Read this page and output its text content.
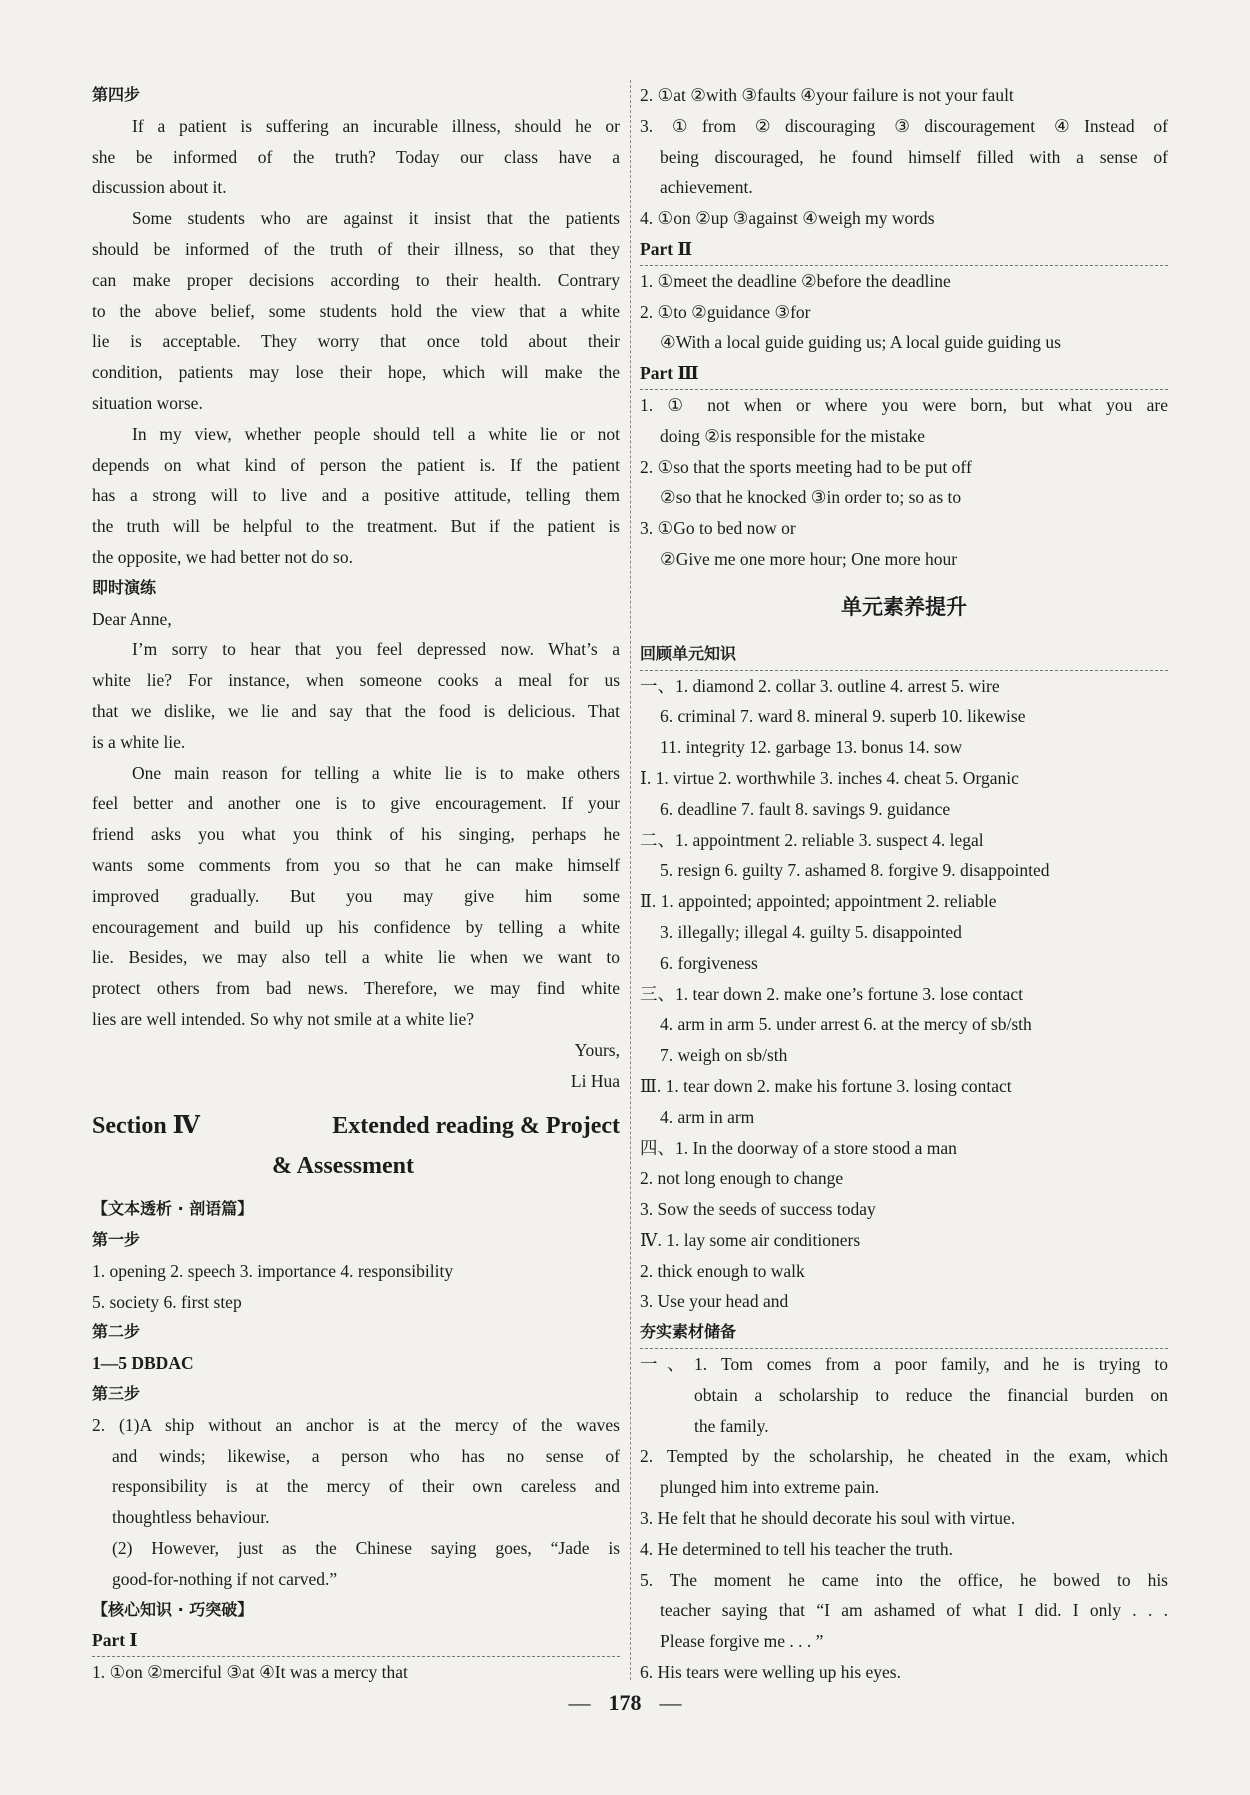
第四步

If a patient is suffering an incurable illness, should he or

she be informed of the truth? Today our class have a

discussion about it.

Some students who are against it insist that the patients

should be informed of the truth of their illness, so that they

can make proper decisions according to their health. Contrary

to the above belief, some students hold the view that a white

lie is acceptable. They worry that once told about their

condition, patients may lose their hope, which will make the

situation worse.

In my view, whether people should tell a white lie or not

depends on what kind of person the patient is. If the patient

has a strong will to live and a positive attitude, telling them

the truth will be helpful to the treatment. But if the patient is

the opposite, we had better not do so.

即时演练

Dear Anne,

I’m sorry to hear that you feel depressed now. What’s a

white lie? For instance, when someone cooks a meal for us

that we dislike, we lie and say that the food is delicious. That

is a white lie.

One main reason for telling a white lie is to make others

feel better and another one is to give encouragement. If your

friend asks you what you think of his singing, perhaps he

wants some comments from you so that he can make himself

improved gradually. But you may give him some

encouragement and build up his confidence by telling a white

lie. Besides, we may also tell a white lie when we want to

protect others from bad news. Therefore, we may find white

lies are well intended. So why not smile at a white lie?

Yours,

Li Hua

Section Ⅳ	Extended reading & Project
& Assessment

【文本透析 · 剖语篇】

第一步

1. opening 2. speech 3. importance 4. responsibility

5. society 6. first step

第二步

1—5 DBDAC

第三步

2. (1)A ship without an anchor is at the mercy of the waves

and winds; likewise, a person who has no sense of

responsibility is at the mercy of their own careless and

thoughtless behaviour.

(2) However, just as the Chinese saying goes, “Jade is

good-for-nothing if not carved.”

【核心知识 · 巧突破】

Part Ⅰ

1. ①on ②merciful ③at ④It was a mercy that

2. ①at ②with ③faults ④your failure is not your fault

3. ①from ②discouraging ③discouragement ④Instead of

being discouraged, he found himself filled with a sense of

achievement.

4. ①on ②up ③against ④weigh my words

Part Ⅱ

1. ①meet the deadline ②before the deadline

2. ①to ②guidance ③for

④With a local guide guiding us; A local guide guiding us

Part Ⅲ

1. ① not when or where you were born, but what you are

doing ②is responsible for the mistake

2. ①so that the sports meeting had to be put off

②so that he knocked ③in order to; so as to

3. ①Go to bed now or

②Give me one more hour; One more hour

单元素养提升

回顾单元知识

一、1. diamond 2. collar 3. outline 4. arrest 5. wire

6. criminal 7. ward 8. mineral 9. superb 10. likewise

11. integrity 12. garbage 13. bonus 14. sow

Ⅰ. 1. virtue 2. worthwhile 3. inches 4. cheat 5. Organic

6. deadline 7. fault 8. savings 9. guidance

二、1. appointment 2. reliable 3. suspect 4. legal

5. resign 6. guilty 7. ashamed 8. forgive 9. disappointed

Ⅱ. 1. appointed; appointed; appointment 2. reliable

3. illegally; illegal 4. guilty 5. disappointed

6. forgiveness

三、1. tear down 2. make one’s fortune 3. lose contact

4. arm in arm 5. under arrest 6. at the mercy of sb/sth

7. weigh on sb/sth

Ⅲ. 1. tear down 2. make his fortune 3. losing contact

4. arm in arm

四、1. In the doorway of a store stood a man

2. not long enough to change

3. Sow the seeds of success today

Ⅳ. 1. lay some air conditioners

2. thick enough to walk

3. Use your head and

夯实素材储备

一、1. Tom comes from a poor family, and he is trying to

obtain a scholarship to reduce the financial burden on

the family.

2. Tempted by the scholarship, he cheated in the exam, which

plunged him into extreme pain.

3. He felt that he should decorate his soul with virtue.

4. He determined to tell his teacher the truth.

5. The moment he came into the office, he bowed to his

teacher saying that “I am ashamed of what I did. I only . . .

Please forgive me . . . ”

6. His tears were welling up his eyes.

— 178 —
